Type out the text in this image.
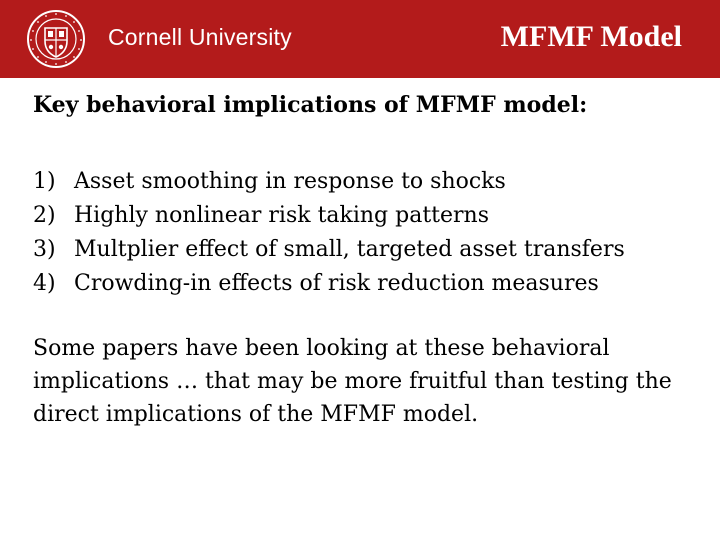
Cornell University	MFMF Model
Key behavioral implications of MFMF model:
1) Asset smoothing in response to shocks
2) Highly nonlinear risk taking patterns
3) Multplier effect of small, targeted asset transfers
4) Crowding-in effects of risk reduction measures

Some papers have been looking at these behavioral implications … that may be more fruitful than testing the direct implications of the MFMF model.
